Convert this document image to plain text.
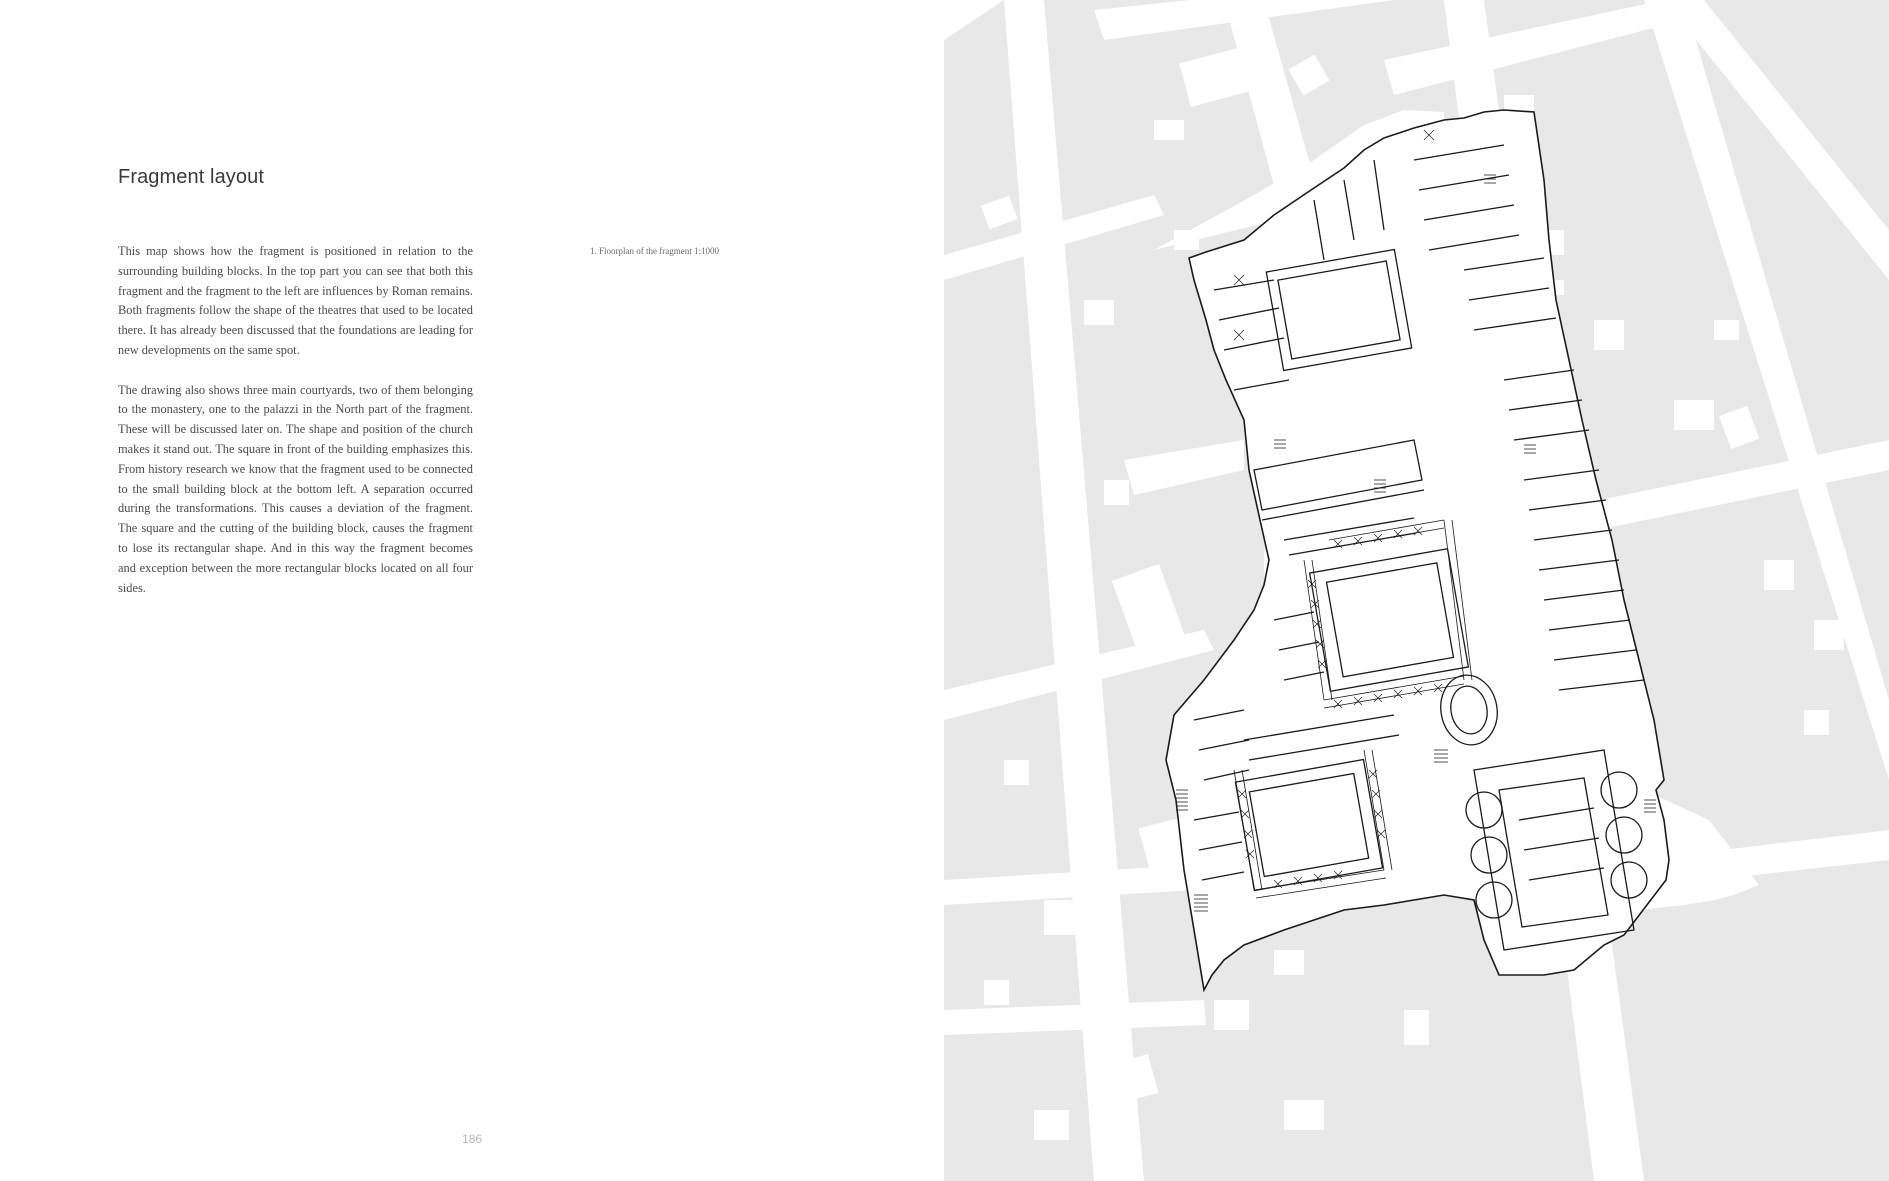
Fragment layout

This map shows how the fragment is positioned in relation to the surrounding building blocks. In the top part you can see that both this fragment and the fragment to the left are influences by Roman remains. Both fragments follow the shape of the theatres that used to be located there. It has already been discussed that the foundations are leading for new developments on the same spot.

The drawing also shows three main courtyards, two of them belonging to the monastery, one to the palazzi in the North part of the fragment. These will be discussed later on. The shape and position of the church makes it stand out. The square in front of the building emphasizes this. From history research we know that the fragment used to be connected to the small building block at the bottom left. A separation occurred during the transformations. This causes a deviation of the fragment. The square and the cutting of the building block, causes the fragment to lose its rectangular shape. And in this way the fragment becomes and exception between the more rectangular blocks located on all four sides.

1. Floorplan of the fragment 1:1000
186
